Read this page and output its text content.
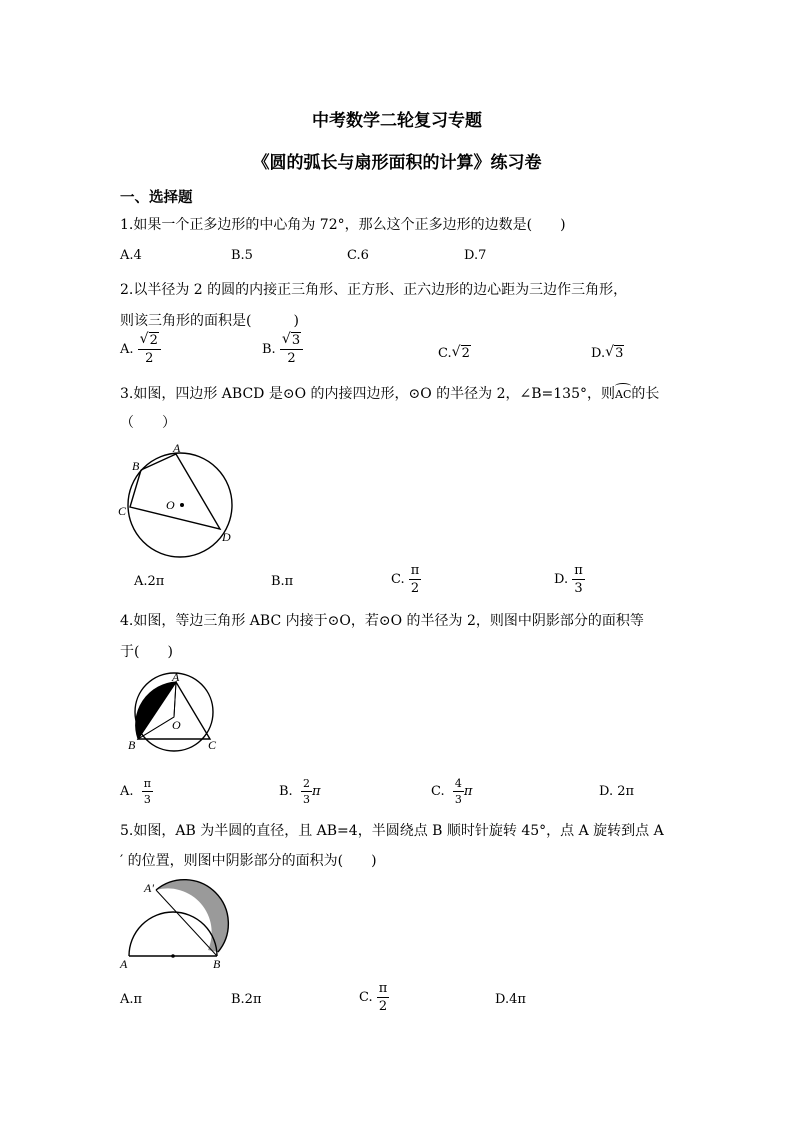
中考数学二轮复习专题
《圆的弧长与扇形面积的计算》练习卷
一、选择题
1.如果一个正多边形的中心角为 72°，那么这个正多边形的边数是(　　)
A.4	B.5	C.6	D.7
2.以半径为 2 的圆的内接正三角形、正方形、正六边形的边心距为三边作三角形，
则该三角形的面积是(　　　)
A. √ $\frac{2}{2}$	B. √ $\frac{3}{2}$	C. √ 2	D. √ 3
3.如图，四边形 ABCD 是⊙O 的内接四边形，⊙O 的半径为 2，∠B=135°，则AC的长
（　　）
A
B
C
D
O
A.2π	B.π	C. $\frac{\pi}{2}$	D. $\frac{\pi}{3}$
4.如图，等边三角形 ABC 内接于⊙O，若⊙O 的半径为 2，则图中阴影部分的面积等
于(　　)
A
B	C
O
A. $\frac{\pi}{3}$	B. $\frac{2}{3}$ π	C. $\frac{4}{3}$ π	D. 2π
5.如图，AB 为半圆的直径，且 AB=4，半圆绕点 B 顺时针旋转 45°，点 A 旋转到点 A
′ 的位置，则图中阴影部分的面积为(　　)
A'
A	B
A.π	B.2π	C. $\frac{\pi}{2}$	D.4π
